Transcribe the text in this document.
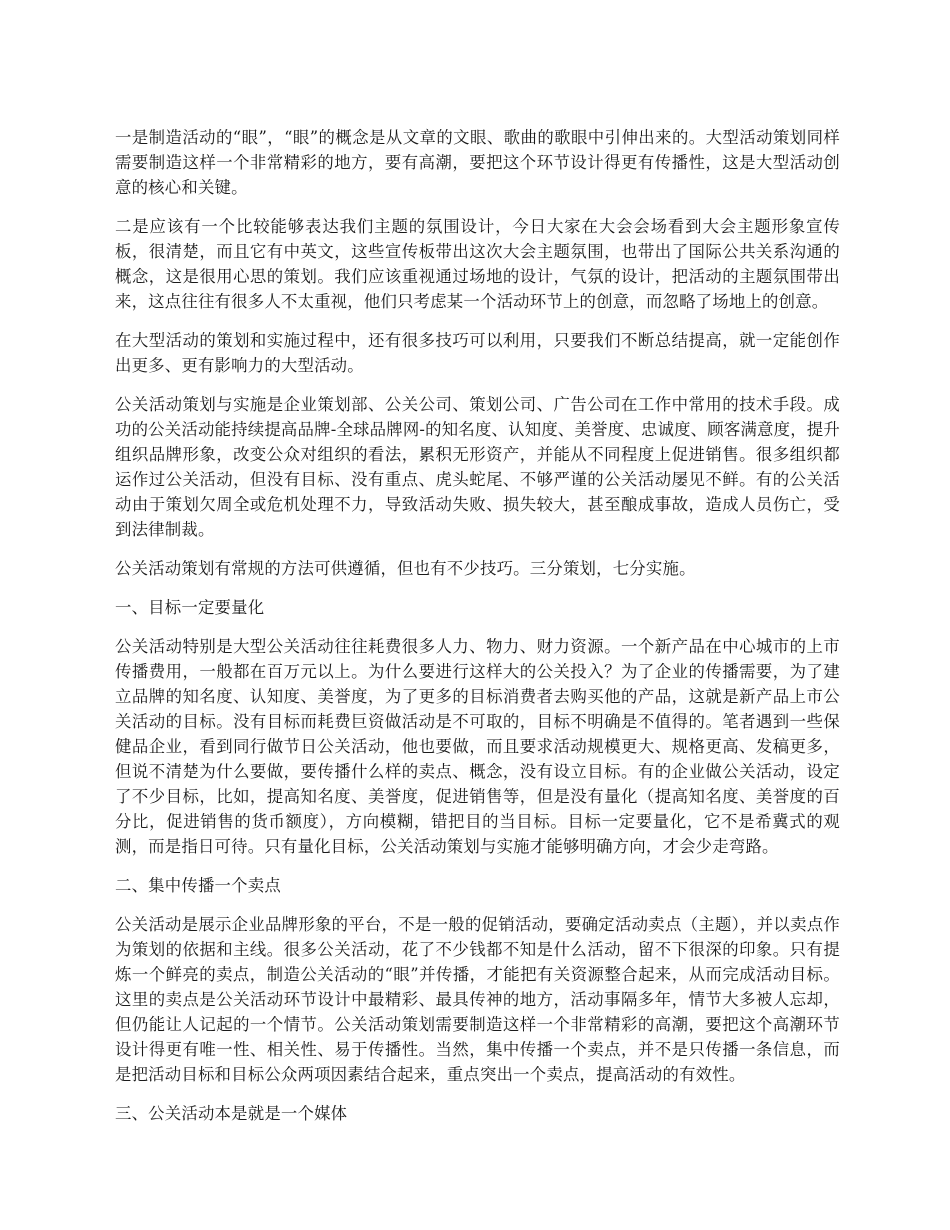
一是制造活动的“眼”，“眼”的概念是从文章的文眼、歌曲的歌眼中引伸出来的。大型活动策划同样需要制造这样一个非常精彩的地方，要有高潮，要把这个环节设计得更有传播性，这是大型活动创意的核心和关键。

二是应该有一个比较能够表达我们主题的氛围设计，今日大家在大会会场看到大会主题形象宣传板，很清楚，而且它有中英文，这些宣传板带出这次大会主题氛围，也带出了国际公共关系沟通的概念，这是很用心思的策划。我们应该重视通过场地的设计，气氛的设计，把活动的主题氛围带出来，这点往往有很多人不太重视，他们只考虑某一个活动环节上的创意，而忽略了场地上的创意。

在大型活动的策划和实施过程中，还有很多技巧可以利用，只要我们不断总结提高，就一定能创作出更多、更有影响力的大型活动。

公关活动策划与实施是企业策划部、公关公司、策划公司、广告公司在工作中常用的技术手段。成功的公关活动能持续提高品牌-全球品牌网-的知名度、认知度、美誉度、忠诚度、顾客满意度，提升组织品牌形象，改变公众对组织的看法，累积无形资产，并能从不同程度上促进销售。很多组织都运作过公关活动，但没有目标、没有重点、虎头蛇尾、不够严谨的公关活动屡见不鲜。有的公关活动由于策划欠周全或危机处理不力，导致活动失败、损失较大，甚至酿成事故，造成人员伤亡，受到法律制裁。

公关活动策划有常规的方法可供遵循，但也有不少技巧。三分策划，七分实施。

一、目标一定要量化

公关活动特别是大型公关活动往往耗费很多人力、物力、财力资源。一个新产品在中心城市的上市传播费用，一般都在百万元以上。为什么要进行这样大的公关投入？为了企业的传播需要，为了建立品牌的知名度、认知度、美誉度，为了更多的目标消费者去购买他的产品，这就是新产品上市公关活动的目标。没有目标而耗费巨资做活动是不可取的，目标不明确是不值得的。笔者遇到一些保健品企业，看到同行做节日公关活动，他也要做，而且要求活动规模更大、规格更高、发稿更多，但说不清楚为什么要做，要传播什么样的卖点、概念，没有设立目标。有的企业做公关活动，设定了不少目标，比如，提高知名度、美誉度，促进销售等，但是没有量化（提高知名度、美誉度的百分比，促进销售的货币额度），方向模糊，错把目的当目标。目标一定要量化，它不是希冀式的观测，而是指日可待。只有量化目标，公关活动策划与实施才能够明确方向，才会少走弯路。

二、集中传播一个卖点

公关活动是展示企业品牌形象的平台，不是一般的促销活动，要确定活动卖点（主题），并以卖点作为策划的依据和主线。很多公关活动，花了不少钱都不知是什么活动，留不下很深的印象。只有提炼一个鲜亮的卖点，制造公关活动的“眼”并传播，才能把有关资源整合起来，从而完成活动目标。这里的卖点是公关活动环节设计中最精彩、最具传神的地方，活动事隔多年，情节大多被人忘却，但仍能让人记起的一个情节。公关活动策划需要制造这样一个非常精彩的高潮，要把这个高潮环节设计得更有唯一性、相关性、易于传播性。当然，集中传播一个卖点，并不是只传播一条信息，而是把活动目标和目标公众两项因素结合起来，重点突出一个卖点，提高活动的有效性。

三、公关活动本是就是一个媒体
